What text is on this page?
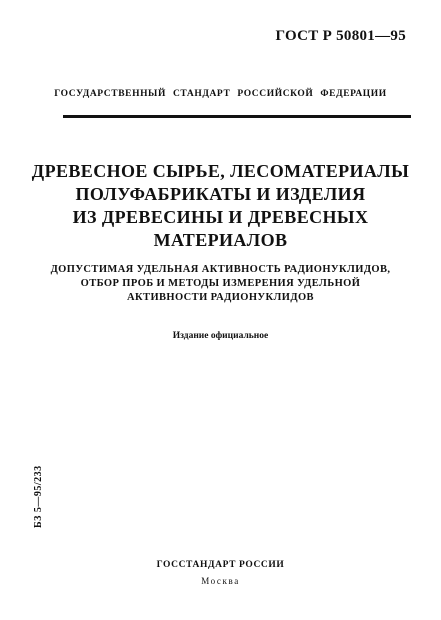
ГОСТ Р 50801—95
ГОСУДАРСТВЕННЫЙ СТАНДАРТ РОССИЙСКОЙ ФЕДЕРАЦИИ
ДРЕВЕСНОЕ СЫРЬЕ, ЛЕСОМАТЕРИАЛЫ
ПОЛУФАБРИКАТЫ И ИЗДЕЛИЯ
ИЗ ДРЕВЕСИНЫ И ДРЕВЕСНЫХ
МАТЕРИАЛОВ
ДОПУСТИМАЯ УДЕЛЬНАЯ АКТИВНОСТЬ РАДИОНУКЛИДОВ,
ОТБОР ПРОБ И МЕТОДЫ ИЗМЕРЕНИЯ УДЕЛЬНОЙ
АКТИВНОСТИ РАДИОНУКЛИДОВ
Издание официальное
БЗ 5—95/233
ГОССТАНДАРТ РОССИИ
Москва
